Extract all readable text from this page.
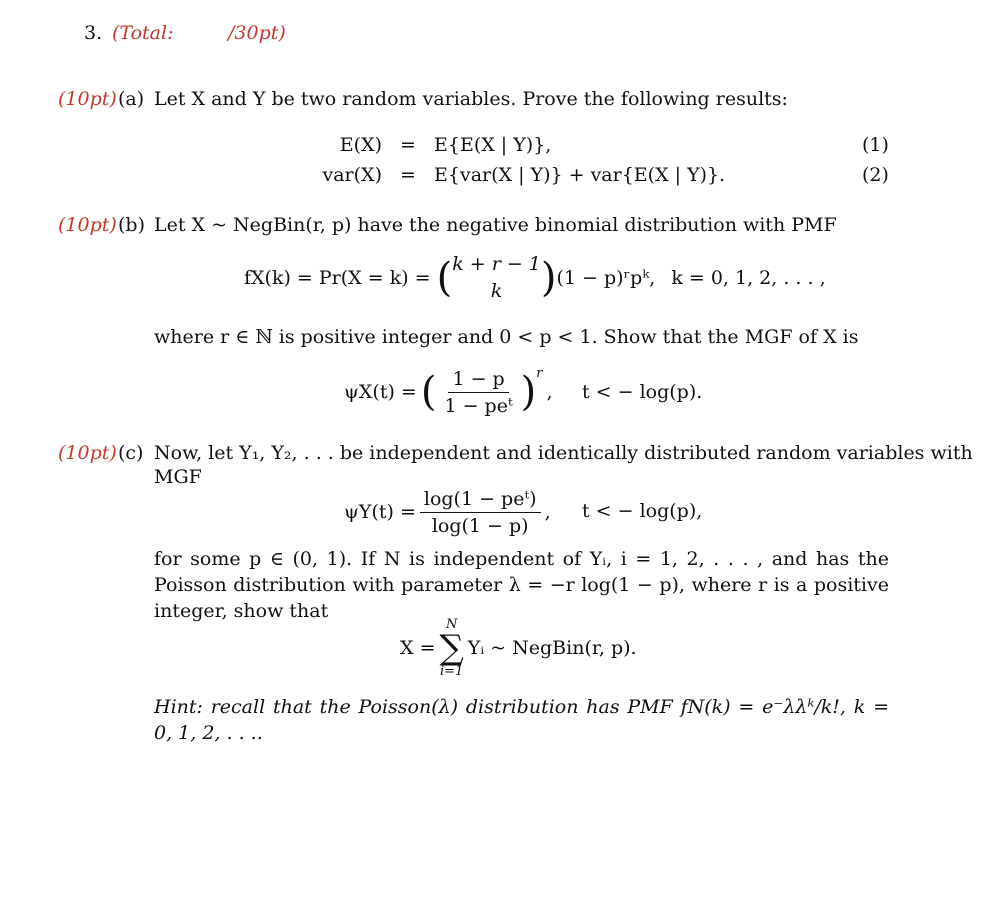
3. (Total:	/30pt)
(10pt) (a) Let X and Y be two random variables. Prove the following results:
E(X) = E{E(X | Y)},	(1)
var(X) = E{var(X | Y)} + var{E(X | Y)}.	(2)
(10pt) (b) Let X ~ NegBin(r, p) have the negative binomial distribution with PMF
fX(k) = Pr(X = k) = ( k + r − 1
k ) (1 − p)ʳpᵏ, k = 0, 1, 2, . . . ,
where r ∈ ℕ is positive integer and 0 < p < 1. Show that the MGF of X is
ψX(t) = ( $\frac{1 - p}{\text{1 − peᵗ}}$ ) r
, t < − log(p).
(10pt) (c) Now, let Y₁, Y₂, . . . be independent and identically distributed random variables with
MGF
$\psi Y(t) = \frac{\text{log(1 − peᵗ)}}{\log(1 - p)}$ , t < − log(p),
for some p ∈ (0, 1). If N is independent of Yᵢ, i = 1, 2, . . . , and has the Poisson distribution with parameter λ = −r log(1 − p), where r is a positive integer, show that
X =
N
∑
i=1
Yᵢ ~ NegBin(r, p).
Hint: recall that the Poisson(λ) distribution has PMF fN(k) = e⁻λλᵏ/k!, k = 0, 1, 2, . . ..
